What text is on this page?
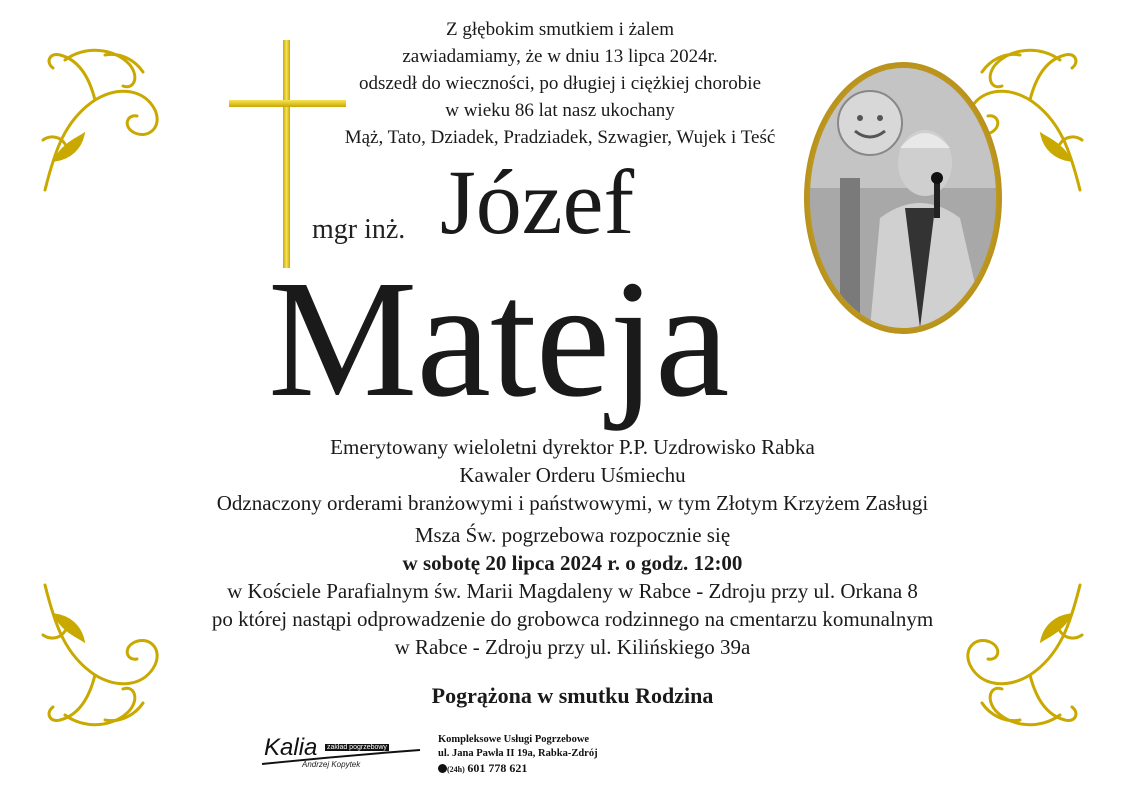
Z głębokim smutkiem i żalem
zawiadamiamy, że w dniu 13 lipca 2024r.
odszedł do wieczności, po długiej i ciężkiej chorobie
w wieku 86 lat nasz ukochany
Mąż, Tato, Dziadek, Pradziadek, Szwagier, Wujek i Teść
mgr inż. Józef
Mateja
Emerytowany wieloletni dyrektor P.P. Uzdrowisko Rabka
Kawaler Orderu Uśmiechu
Odznaczony orderami branżowymi i państwowymi, w tym Złotym Krzyżem Zasługi
Msza Św. pogrzebowa rozpocznie się
w sobotę 20 lipca 2024 r. o godz. 12:00
w Kościele Parafialnym św. Marii Magdaleny w Rabce - Zdroju przy ul. Orkana 8
po której nastąpi odprowadzenie do grobowca rodzinnego na cmentarzu komunalnym
w Rabce - Zdroju przy ul. Kilińskiego 39a
Pogrążona w smutku Rodzina
Kalia zakład pogrzebowy
Andrzej Kopytek
Kompleksowe Usługi Pogrzebowe
ul. Jana Pawła II 19a, Rabka-Zdrój
(24h) 601 778 621
